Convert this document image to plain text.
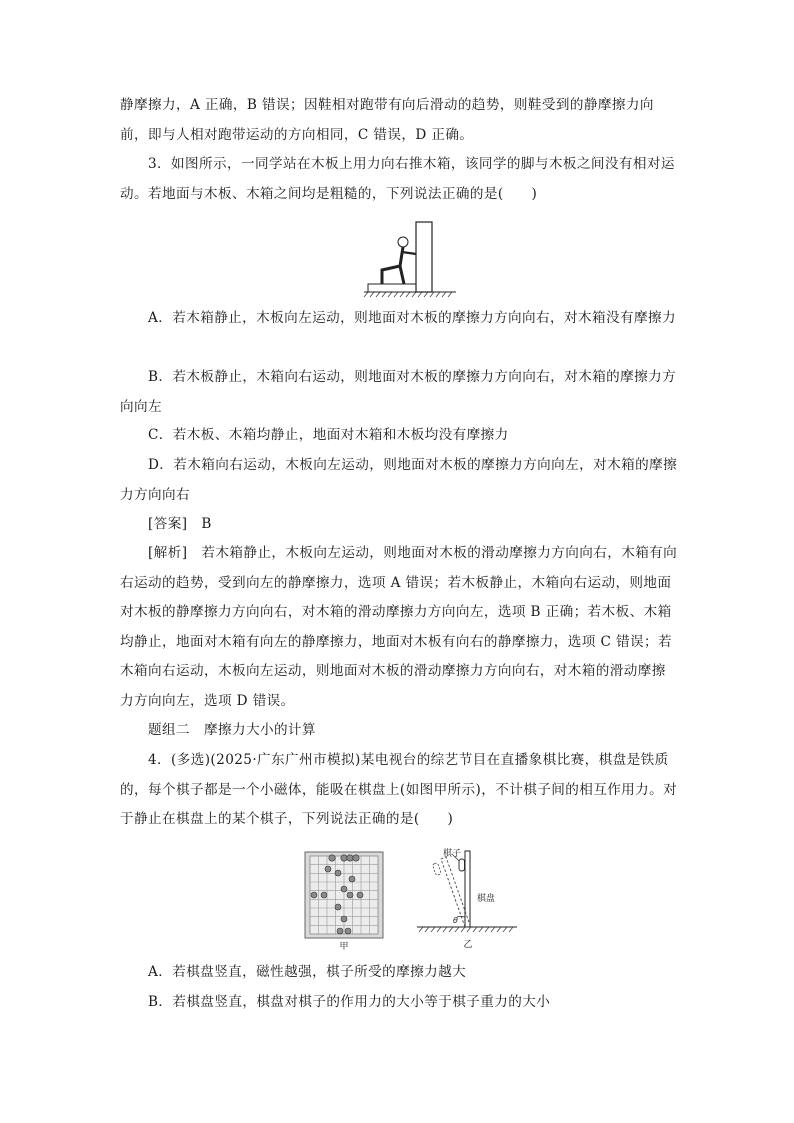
静摩擦力，A 正确，B 错误；因鞋相对跑带有向后滑动的趋势，则鞋受到的静摩擦力向前，即与人相对跑带运动的方向相同，C 错误，D 正确。

3．如图所示，一同学站在木板上用力向右推木箱，该同学的脚与木板之间没有相对运动。若地面与木板、木箱之间均是粗糙的，下列说法正确的是(　　)

A．若木箱静止，木板向左运动，则地面对木板的摩擦力方向向右，对木箱没有摩擦力

B．若木板静止，木箱向右运动，则地面对木板的摩擦力方向向右，对木箱的摩擦力方向向左

C．若木板、木箱均静止，地面对木箱和木板均没有摩擦力

D．若木箱向右运动，木板向左运动，则地面对木板的摩擦力方向向左，对木箱的摩擦力方向向右

[答案]　B

[解析]　若木箱静止，木板向左运动，则地面对木板的滑动摩擦力方向向右，木箱有向右运动的趋势，受到向左的静摩擦力，选项 A 错误；若木板静止，木箱向右运动，则地面对木板的静摩擦力方向向右，对木箱的滑动摩擦力方向向左，选项 B 正确；若木板、木箱均静止，地面对木箱有向左的静摩擦力，地面对木板有向右的静摩擦力，选项 C 错误；若木箱向右运动，木板向左运动，则地面对木板的滑动摩擦力方向向右，对木箱的滑动摩擦力方向向左，选项 D 错误。

题组二　摩擦力大小的计算

4．(多选)(2025·广东广州市模拟)某电视台的综艺节目在直播象棋比赛，棋盘是铁质的，每个棋子都是一个小磁体，能吸在棋盘上(如图甲所示)，不计棋子间的相互作用力。对于静止在棋盘上的某个棋子，下列说法正确的是(　　)

甲
棋子
棋盘
θ
乙

A．若棋盘竖直，磁性越强，棋子所受的摩擦力越大

B．若棋盘竖直，棋盘对棋子的作用力的大小等于棋子重力的大小
